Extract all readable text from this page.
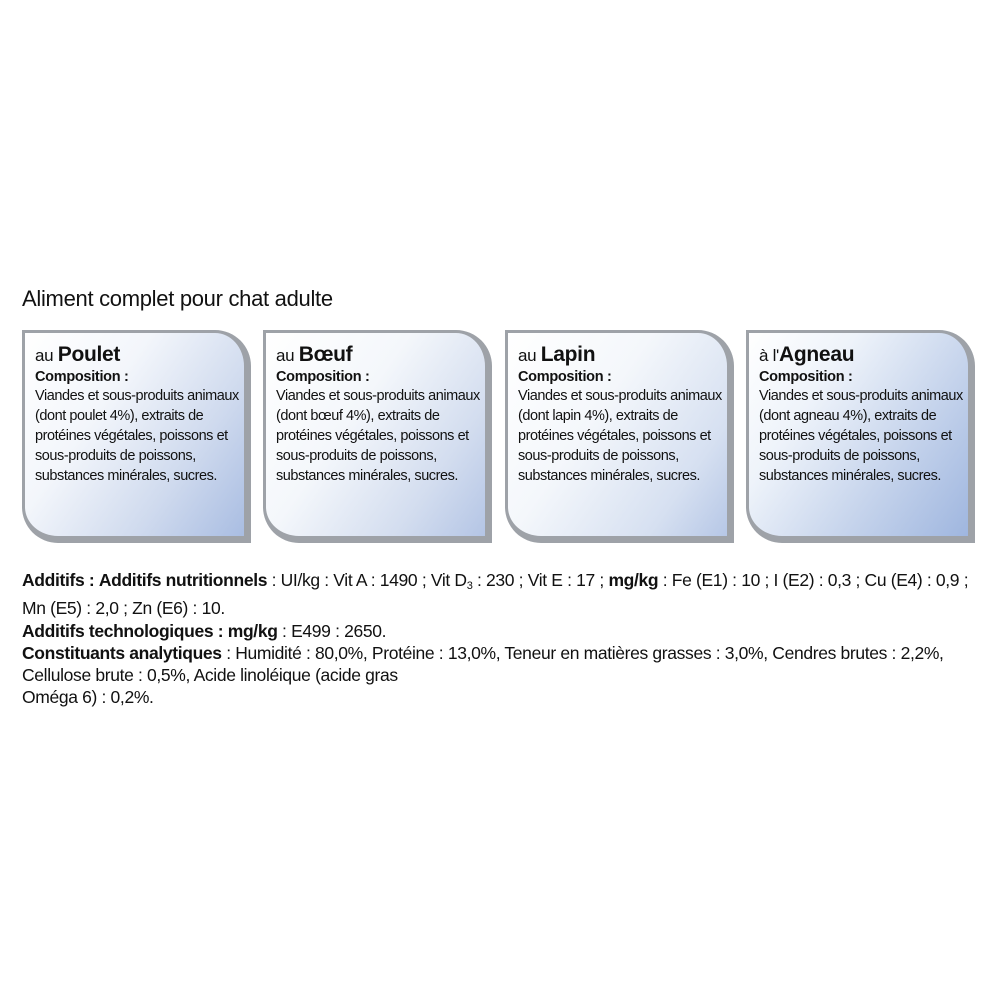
Aliment complet pour chat adulte
au Poulet
Composition :
Viandes et sous-produits animaux (dont poulet 4%), extraits de protéines végétales, poissons et sous-produits de poissons, substances minérales, sucres.
au Bœuf
Composition :
Viandes et sous-produits animaux (dont bœuf 4%), extraits de protéines végétales, poissons et sous-produits de poissons, substances minérales, sucres.
au Lapin
Composition :
Viandes et sous-produits animaux (dont lapin 4%), extraits de protéines végétales, poissons et sous-produits de poissons, substances minérales, sucres.
à l'Agneau
Composition :
Viandes et sous-produits animaux (dont agneau 4%), extraits de protéines végétales, poissons et sous-produits de poissons, substances minérales, sucres.

Additifs : Additifs nutritionnels : UI/kg : Vit A : 1490 ; Vit $D_3$ : 230 ; Vit E : 17 ; mg/kg : Fe (E1) : 10 ; I (E2) : 0,3 ; Cu (E4) : 0,9 ; Mn (E5) : 2,0 ; Zn (E6) : 10.

Additifs technologiques : mg/kg : E499 : 2650.

Constituants analytiques : Humidité : 80,0%, Protéine : 13,0%, Teneur en matières grasses : 3,0%, Cendres brutes : 2,2%, Cellulose brute : 0,5%, Acide linoléique (acide gras
Oméga 6) : 0,2%.
